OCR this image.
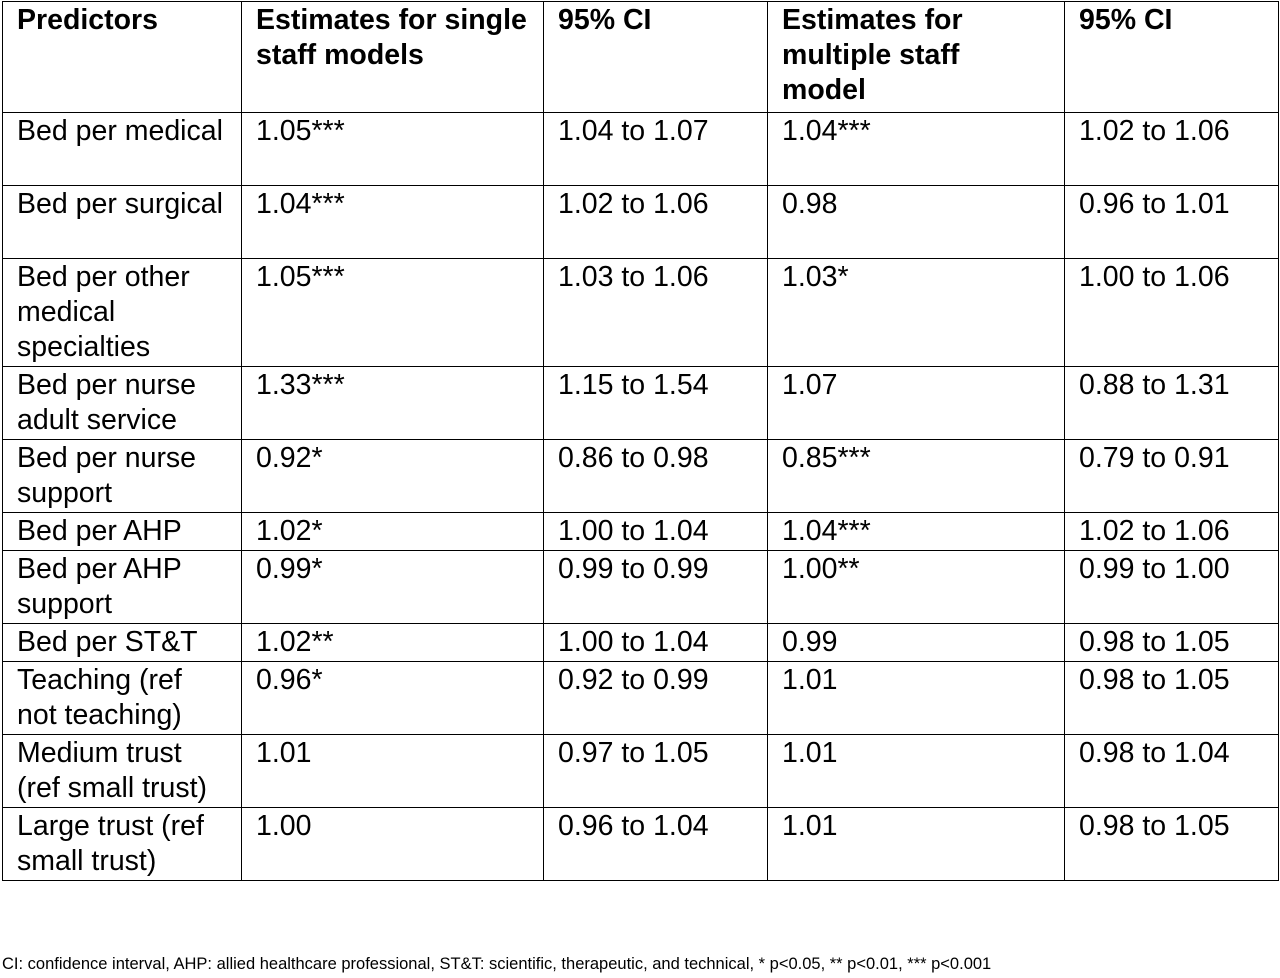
Predictors	Estimates for single staff models	95% CI	Estimates for multiple staff model	95% CI
Bed per medical	1.05***	1.04 to 1.07	1.04***	1.02 to 1.06
Bed per surgical	1.04***	1.02 to 1.06	0.98	0.96 to 1.01
Bed per other medical specialties	1.05***	1.03 to 1.06	1.03*	1.00 to 1.06
Bed per nurse adult service	1.33***	1.15 to 1.54	1.07	0.88 to 1.31
Bed per nurse support	0.92*	0.86 to 0.98	0.85***	0.79 to 0.91
Bed per AHP	1.02*	1.00 to 1.04	1.04***	1.02 to 1.06
Bed per AHP support	0.99*	0.99 to 0.99	1.00**	0.99 to 1.00
Bed per ST&T	1.02**	1.00 to 1.04	0.99	0.98 to 1.05
Teaching (ref not teaching)	0.96*	0.92 to 0.99	1.01	0.98 to 1.05
Medium trust (ref small trust)	1.01	0.97 to 1.05	1.01	0.98 to 1.04
Large trust (ref small trust)	1.00	0.96 to 1.04	1.01	0.98 to 1.05
CI: confidence interval, AHP: allied healthcare professional, ST&T: scientific, therapeutic, and technical, * p<0.05, ** p<0.01, *** p<0.001
